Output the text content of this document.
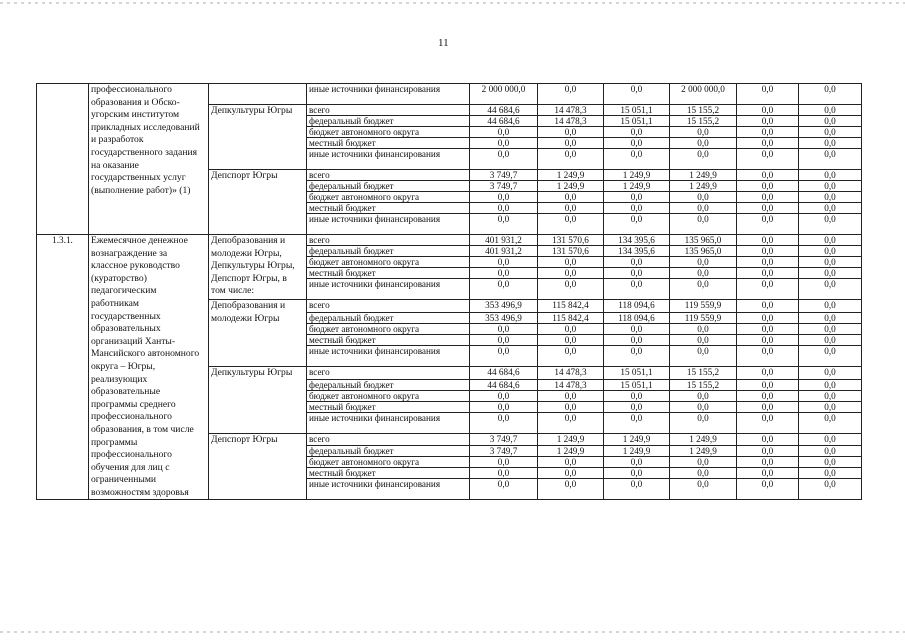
11
	профессионального образования и Обско-угорским институтом прикладных исследований и разработок государственного задания на оказание государственных услуг (выполнение работ)» (1)		иные источники финансирования	2 000 000,0	0,0	0,0	2 000 000,0	0,0	0,0
		Депкультуры Югры	всего	44 684,6	14 478,3	15 051,1	15 155,2	0,0	0,0
			федеральный бюджет	44 684,6	14 478,3	15 051,1	15 155,2	0,0	0,0
			бюджет автономного округа	0,0	0,0	0,0	0,0	0,0	0,0
			местный бюджет	0,0	0,0	0,0	0,0	0,0	0,0
			иные источники финансирования	0,0	0,0	0,0	0,0	0,0	0,0
		Депспорт Югры	всего	3 749,7	1 249,9	1 249,9	1 249,9	0,0	0,0
			федеральный бюджет	3 749,7	1 249,9	1 249,9	1 249,9	0,0	0,0
			бюджет автономного округа	0,0	0,0	0,0	0,0	0,0	0,0
			местный бюджет	0,0	0,0	0,0	0,0	0,0	0,0
			иные источники финансирования	0,0	0,0	0,0	0,0	0,0	0,0
1.3.1.	Ежемесячное денежное вознаграждение за классное руководство (кураторство) педагогическим работникам государственных образовательных организаций Ханты-Мансийского автономного округа – Югры, реализующих образовательные программы среднего профессионального образования, в том числе программы профессионального обучения для лиц с ограниченными возможностям здоровья	Депобразования и молодежи Югры, Депкультуры Югры, Депспорт Югры, в том числе:	всего	401 931,2	131 570,6	134 395,6	135 965,0	0,0	0,0
			федеральный бюджет	401 931,2	131 570,6	134 395,6	135 965,0	0,0	0,0
			бюджет автономного округа	0,0	0,0	0,0	0,0	0,0	0,0
			местный бюджет	0,0	0,0	0,0	0,0	0,0	0,0
			иные источники финансирования	0,0	0,0	0,0	0,0	0,0	0,0
		Депобразования и молодежи Югры	всего	353 496,9	115 842,4	118 094,6	119 559,9	0,0	0,0
			федеральный бюджет	353 496,9	115 842,4	118 094,6	119 559,9	0,0	0,0
			бюджет автономного округа	0,0	0,0	0,0	0,0	0,0	0,0
			местный бюджет	0,0	0,0	0,0	0,0	0,0	0,0
			иные источники финансирования	0,0	0,0	0,0	0,0	0,0	0,0
		Депкультуры Югры	всего	44 684,6	14 478,3	15 051,1	15 155,2	0,0	0,0
			федеральный бюджет	44 684,6	14 478,3	15 051,1	15 155,2	0,0	0,0
			бюджет автономного округа	0,0	0,0	0,0	0,0	0,0	0,0
			местный бюджет	0,0	0,0	0,0	0,0	0,0	0,0
			иные источники финансирования	0,0	0,0	0,0	0,0	0,0	0,0
		Депспорт Югры	всего	3 749,7	1 249,9	1 249,9	1 249,9	0,0	0,0
			федеральный бюджет	3 749,7	1 249,9	1 249,9	1 249,9	0,0	0,0
			бюджет автономного округа	0,0	0,0	0,0	0,0	0,0	0,0
			местный бюджет	0,0	0,0	0,0	0,0	0,0	0,0
			иные источники финансирования	0,0	0,0	0,0	0,0	0,0	0,0
